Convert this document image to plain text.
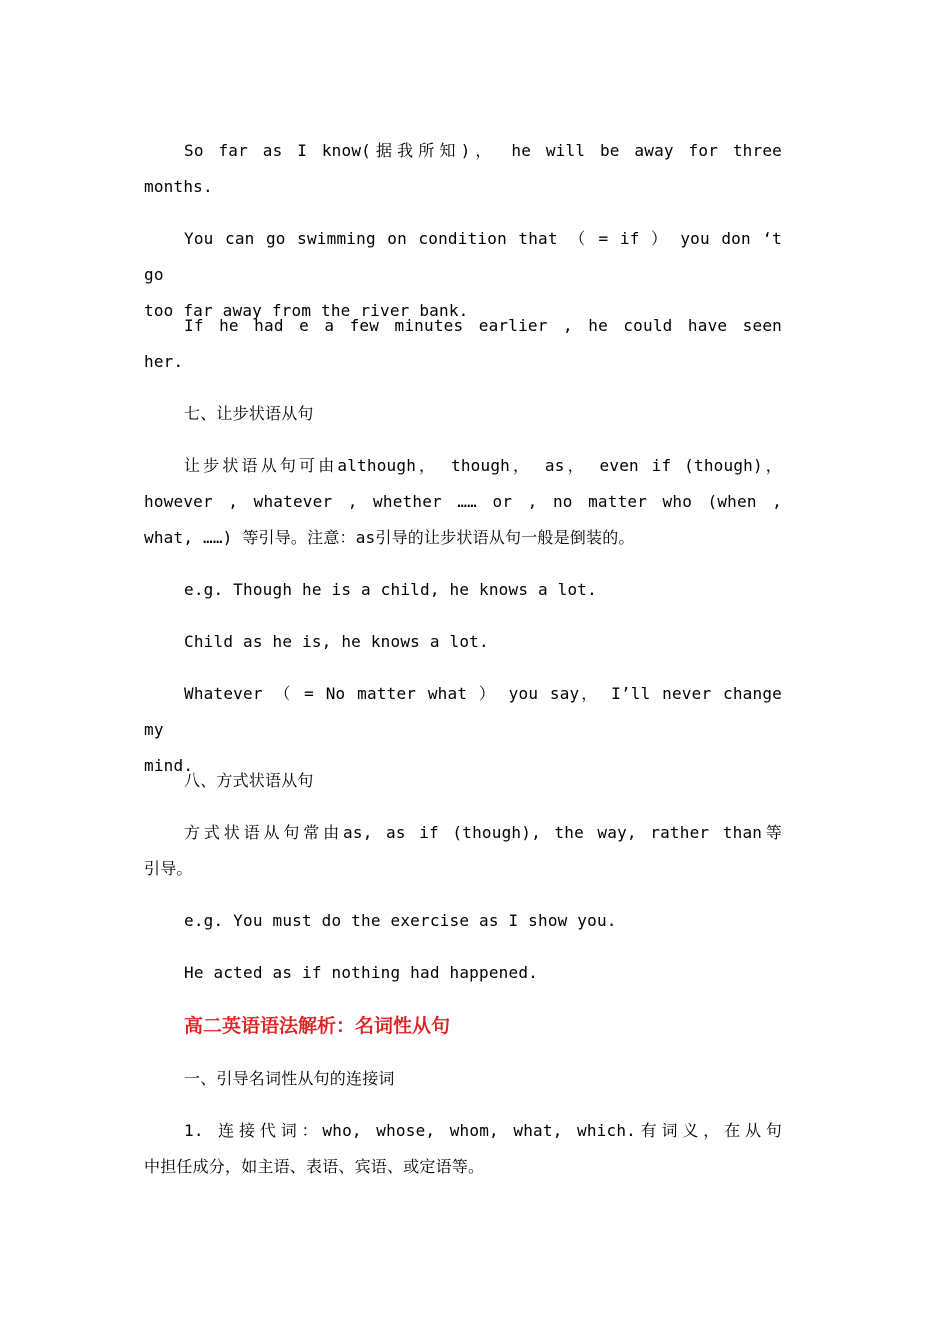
So far as I know(据我所知)， he will be away for three
months.
You can go swimming on condition that （ = if ） you don ‘t go
too far away from the river bank.
If he had e a few minutes earlier , he could have seen
her.
七、让步状语从句
让步状语从句可由although， though， as， even if (though)，
however , whatever , whether …… or , no matter who (when ,
what, ……) 等引导。注意：as引导的让步状语从句一般是倒装的。
e.g. Though he is a child, he knows a lot.
Child as he is, he knows a lot.
Whatever （ = No matter what ） you say， I’ll never change my
mind.
八、方式状语从句
方式状语从句常由as, as if (though), the way, rather than等
引导。
e.g. You must do the exercise as I show you.
He acted as if nothing had happened.
高二英语语法解析：名词性从句
一、引导名词性从句的连接词
1. 连接代词：who, whose, whom, what, which.有词义，在从句
中担任成分，如主语、表语、宾语、或定语等。
